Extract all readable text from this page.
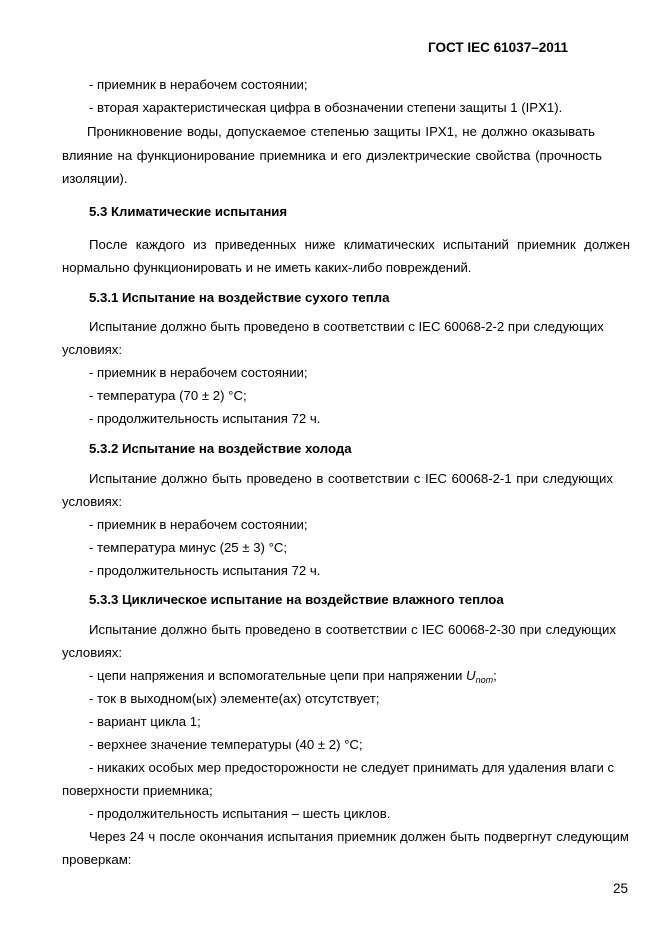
ГОСТ IEC 61037–2011
- приемник в нерабочем состоянии;
- вторая характеристическая цифра в обозначении степени защиты 1 (IPX1).
Проникновение воды, допускаемое степенью защиты IPX1, не должно оказывать
влияние на функционирование приемника и его диэлектрические свойства (прочность
изоляции).
5.3 Климатические испытания
После каждого из приведенных ниже климатических испытаний приемник должен
нормально функционировать и не иметь каких-либо повреждений.
5.3.1 Испытание на воздействие сухого тепла
Испытание должно быть проведено в соответствии с IEC 60068-2-2 при следующих
условиях:
- приемник в нерабочем состоянии;
- температура (70 ± 2) °С;
- продолжительность испытания 72 ч.
5.3.2 Испытание на воздействие холода
Испытание должно быть проведено в соответствии с IEC 60068-2-1 при следующих
условиях:
- приемник в нерабочем состоянии;
- температура минус (25 ± 3) °С;
- продолжительность испытания 72 ч.
5.3.3 Циклическое испытание на воздействие влажного теплоа
Испытание должно быть проведено в соответствии с IEC 60068-2-30 при следующих
условиях:
- цепи напряжения и вспомогательные цепи при напряжении $U_{nom}$;
- ток в выходном(ых) элементе(ах) отсутствует;
- вариант цикла 1;
- верхнее значение температуры (40 ± 2) °С;
- никаких особых мер предосторожности не следует принимать для удаления влаги с
поверхности приемника;
- продолжительность испытания – шесть циклов.
Через 24 ч после окончания испытания приемник должен быть подвергнут следующим
проверкам:
25
